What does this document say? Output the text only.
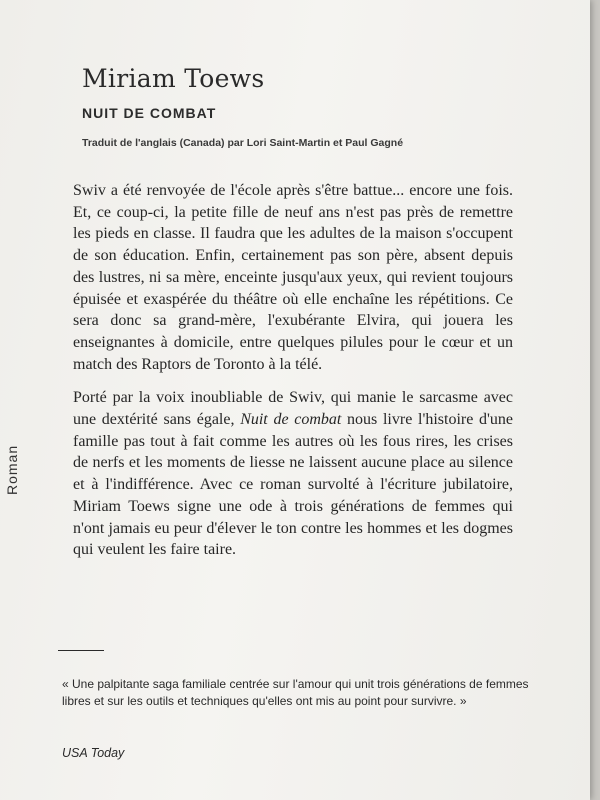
Roman
Miriam Toews
NUIT DE COMBAT

Traduit de l'anglais (Canada) par Lori Saint-Martin et Paul Gagné

Swiv a été renvoyée de l'école après s'être battue... encore une fois. Et, ce coup-ci, la petite fille de neuf ans n'est pas près de remettre les pieds en classe. Il faudra que les adultes de la maison s'occupent de son éducation. Enfin, certainement pas son père, absent depuis des lustres, ni sa mère, enceinte jusqu'aux yeux, qui revient toujours épuisée et exaspérée du théâtre où elle enchaîne les répétitions. Ce sera donc sa grand-mère, l'exubérante Elvira, qui jouera les enseignantes à domicile, entre quelques pilules pour le cœur et un match des Raptors de Toronto à la télé.

Porté par la voix inoubliable de Swiv, qui manie le sarcasme avec une dextérité sans égale, Nuit de combat nous livre l'histoire d'une famille pas tout à fait comme les autres où les fous rires, les crises de nerfs et les moments de liesse ne laissent aucune place au silence et à l'indifférence. Avec ce roman survolté à l'écriture jubilatoire, Miriam Toews signe une ode à trois générations de femmes qui n'ont jamais eu peur d'élever le ton contre les hommes et les dogmes qui veulent les faire taire.

« Une palpitante saga familiale centrée sur l'amour qui unit trois générations de femmes libres et sur les outils et techniques qu'elles ont mis au point pour survivre. »

USA Today
